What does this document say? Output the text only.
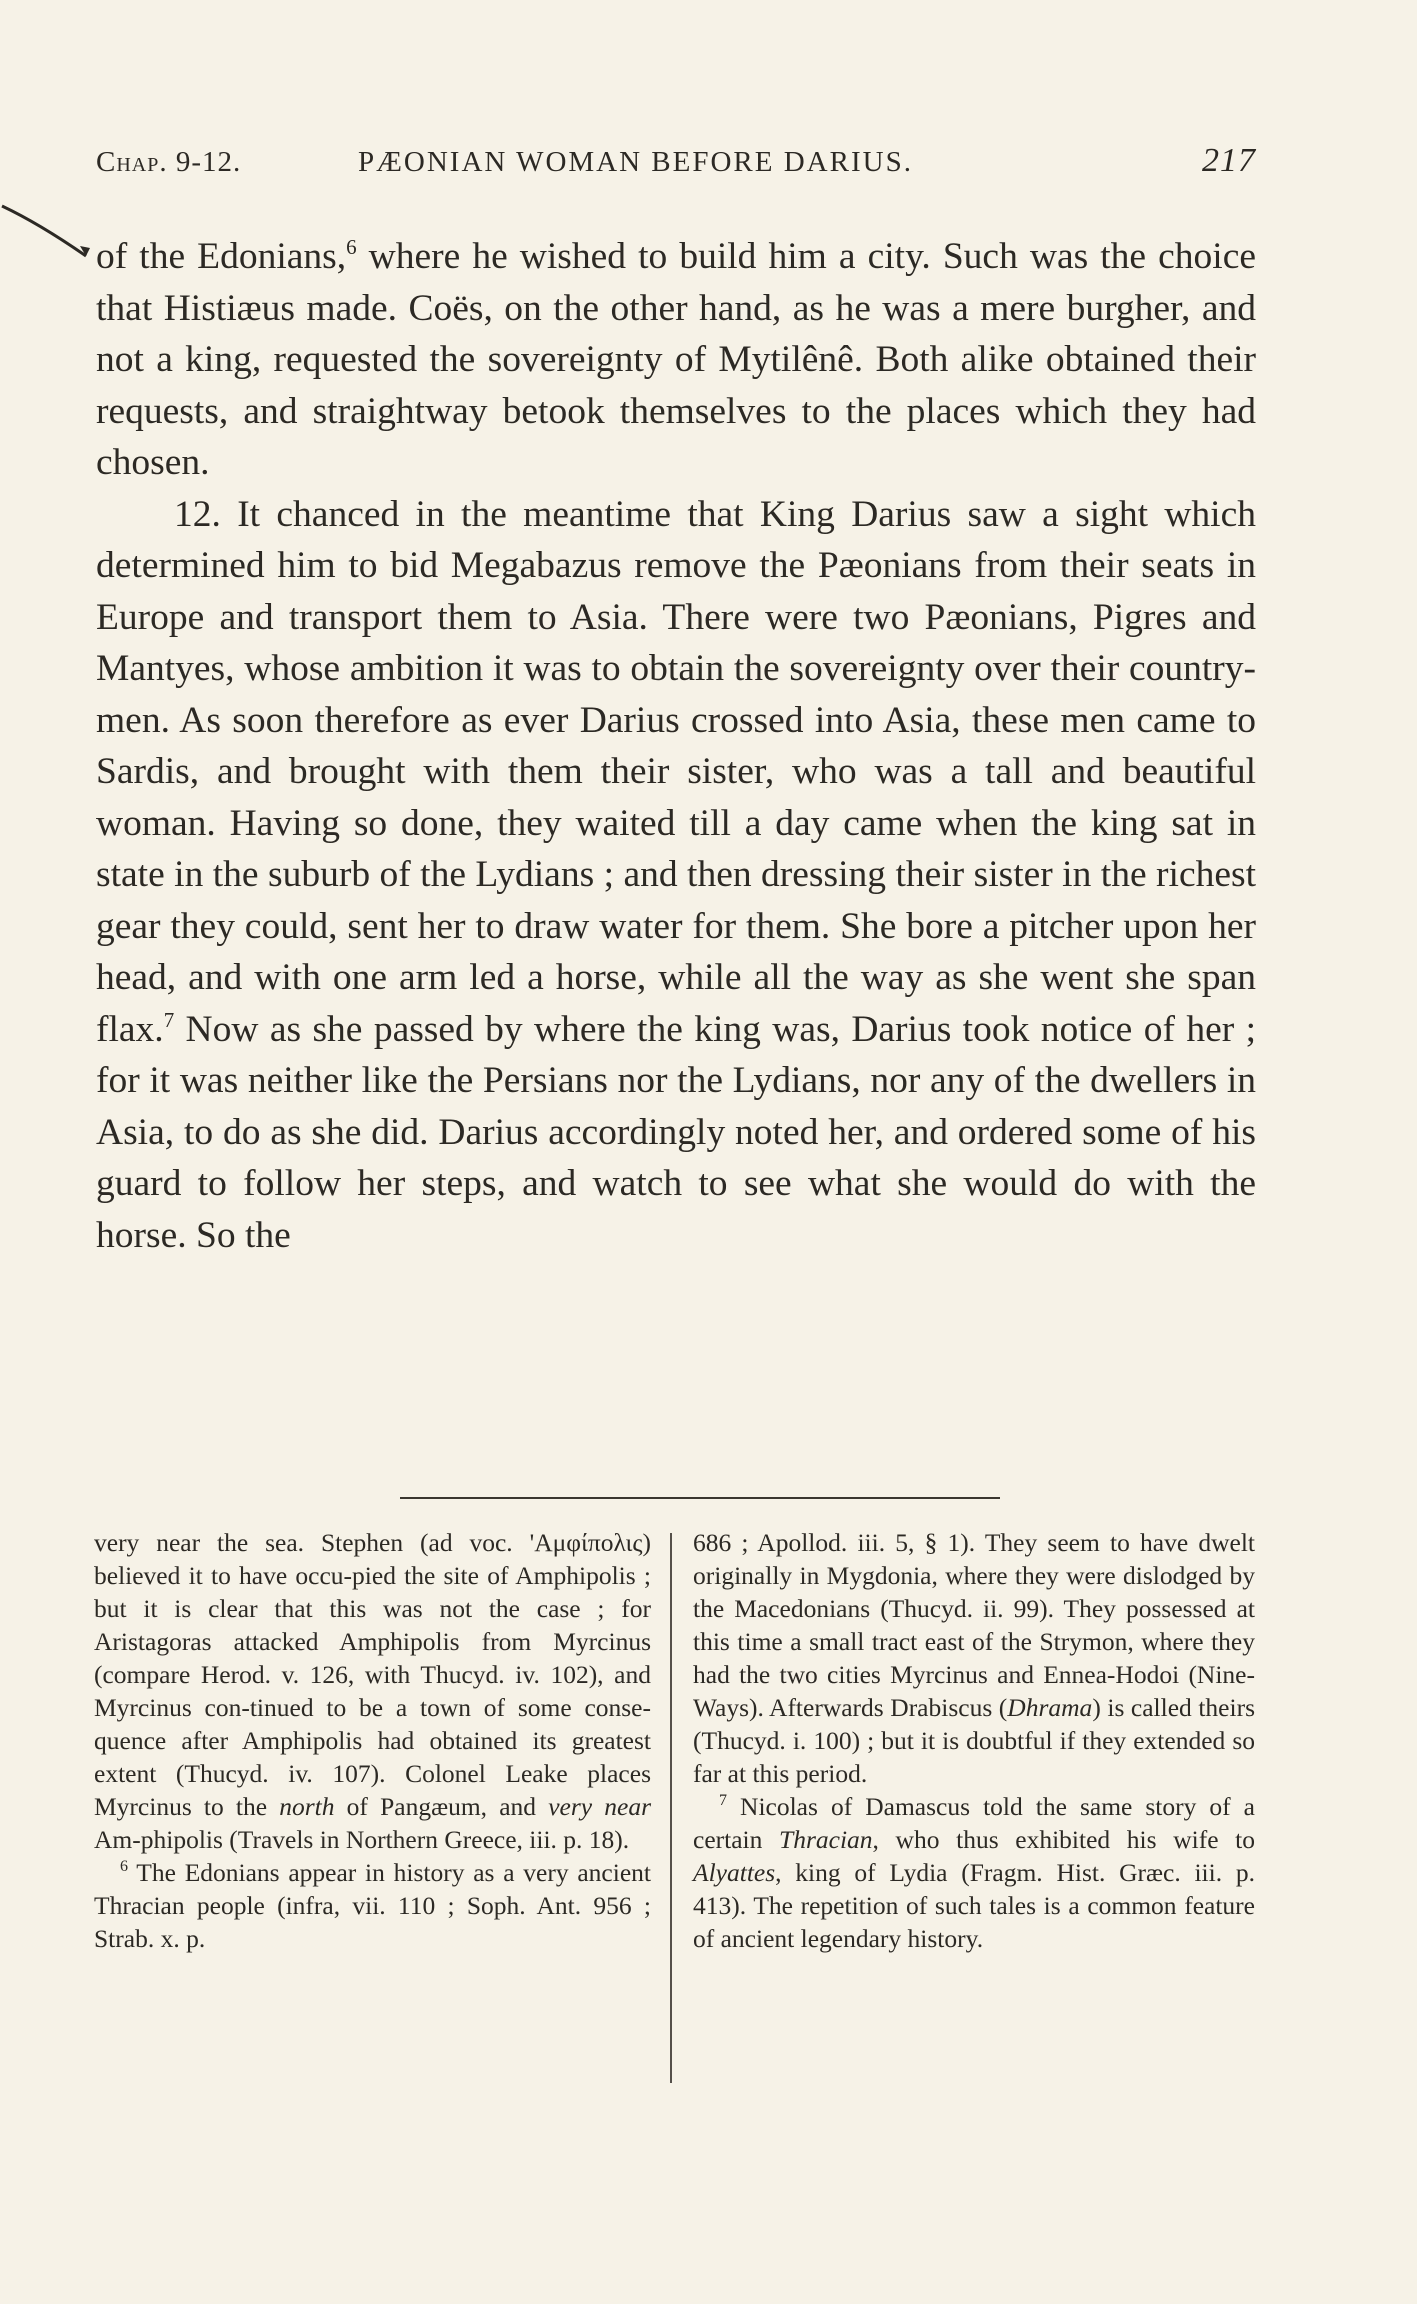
Chap. 9-12.	PÆONIAN WOMAN BEFORE DARIUS.	217

of the Edonians,$^6$ where he wished to build him a city. Such was the choice that Histiæus made. Coës, on the other hand, as he was a mere burgher, and not a king, requested the sovereignty of Mytilênê. Both alike obtained their requests, and straightway betook themselves to the places which they had chosen.

12. It chanced in the meantime that King Darius saw a sight which determined him to bid Megabazus remove the Pæonians from their seats in Europe and transport them to Asia. There were two Pæonians, Pigres and Mantyes, whose ambition it was to obtain the sovereignty over their country-men. As soon therefore as ever Darius crossed into Asia, these men came to Sardis, and brought with them their sister, who was a tall and beautiful woman. Having so done, they waited till a day came when the king sat in state in the suburb of the Lydians ; and then dressing their sister in the richest gear they could, sent her to draw water for them. She bore a pitcher upon her head, and with one arm led a horse, while all the way as she went she span flax.$^7$ Now as she passed by where the king was, Darius took notice of her ; for it was neither like the Persians nor the Lydians, nor any of the dwellers in Asia, to do as she did. Darius accordingly noted her, and ordered some of his guard to follow her steps, and watch to see what she would do with the horse. So the

very near the sea. Stephen (ad voc. 'Αμφίπολις) believed it to have occu-pied the site of Amphipolis ; but it is clear that this was not the case ; for Aristagoras attacked Amphipolis from Myrcinus (compare Herod. v. 126, with Thucyd. iv. 102), and Myrcinus con-tinued to be a town of some conse-quence after Amphipolis had obtained its greatest extent (Thucyd. iv. 107). Colonel Leake places Myrcinus to the north of Pangæum, and very near Am-phipolis (Travels in Northern Greece, iii. p. 18).

$^6$ The Edonians appear in history as a very ancient Thracian people (infra, vii. 110 ; Soph. Ant. 956 ; Strab. x. p.

686 ; Apollod. iii. 5, § 1). They seem to have dwelt originally in Mygdonia, where they were dislodged by the Macedonians (Thucyd. ii. 99). They possessed at this time a small tract east of the Strymon, where they had the two cities Myrcinus and Ennea-Hodoi (Nine-Ways). Afterwards Drabiscus (Dhrama) is called theirs (Thucyd. i. 100) ; but it is doubtful if they extended so far at this period.

$^7$ Nicolas of Damascus told the same story of a certain Thracian, who thus exhibited his wife to Alyattes, king of Lydia (Fragm. Hist. Græc. iii. p. 413). The repetition of such tales is a common feature of ancient legendary history.
